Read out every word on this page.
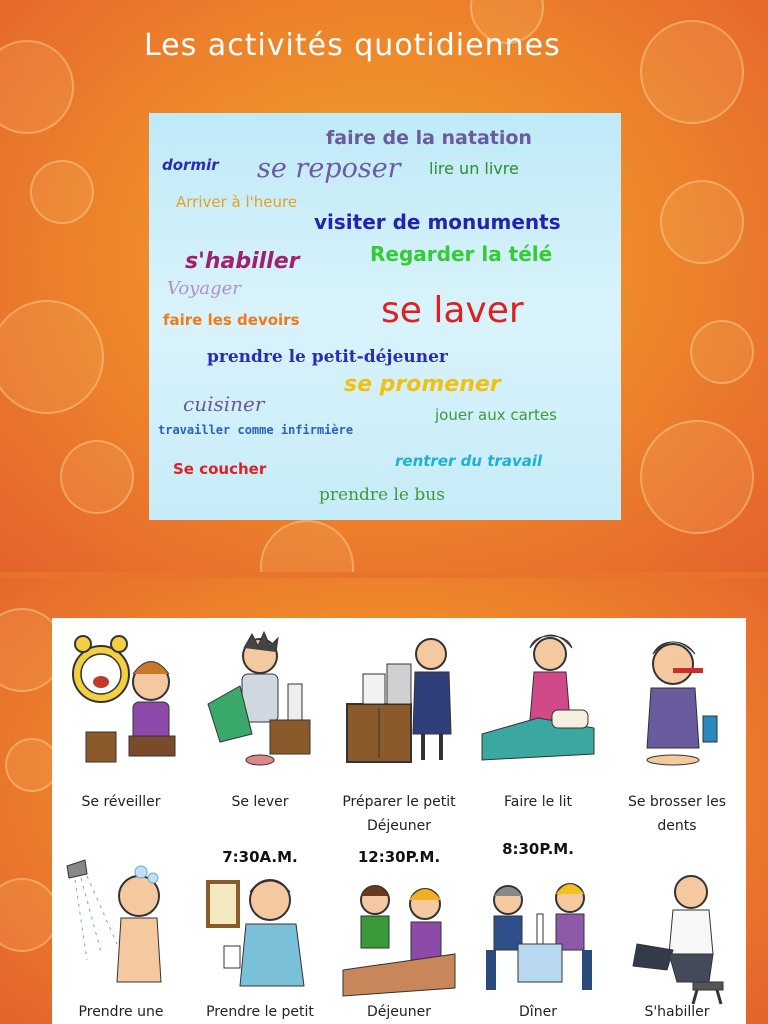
Les activités quotidiennes
faire de la natation
dormir se reposer lire un livre
Arriver à l'heure
visiter de monuments
Regarder la télé
s'habiller
Voyager
faire les devoirs se laver
prendre le petit-déjeuner
se promener
cuisiner	jouer aux cartes
travailler comme infirmière
Se coucher	rentrer du travail
prendre le bus
Se réveiller	Se lever	Préparer le petit
Déjeuner
Faire le lit	Se brosser les
dents
Prendre une
7:30A.M.
Prendre le petit
12:30P.M.
Déjeuner
8:30P.M.
Dîner	S'habiller
